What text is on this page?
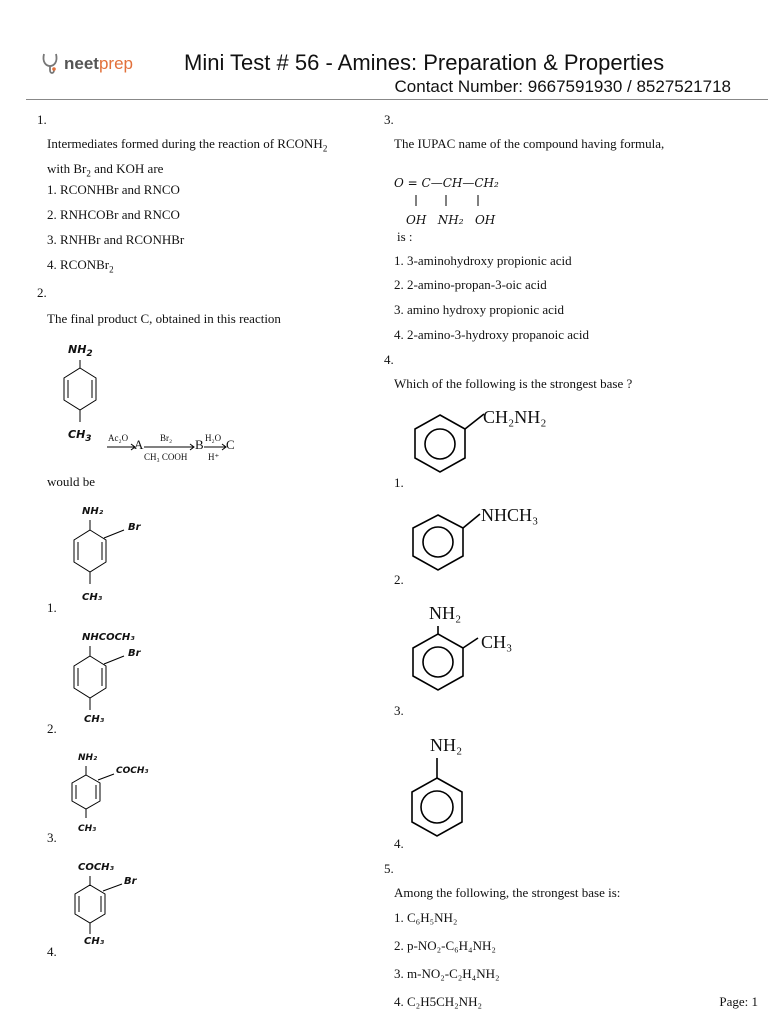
neetprep Mini Test # 56 - Amines: Preparation & Properties
Contact Number: 9667591930 / 8527521718
1.
Intermediates formed during the reaction of $RCONH_2$
with $Br_2$ and KOH are
1. RCONHBr and RNCO
2. RNHCOBr and RNCO
3. RNHBr and RCONHBr
4. RCONBr$_2$
2.
The final product C, obtained in this reaction
$NH_2$
$CH_3$ Ac₂O A Br₂
CH₃ COOH
B H₂O
H⁺
C
would be
NH₂
Br
CH₃
1.
NHCOCH₃
Br
CH₃
2.
NH₂
COCH₃
CH₃
3.
COCH₃
Br
CH₃
4.
3.
The IUPAC name of the compound having formula,
O = C—CH—CH₂
OH   NH₂   OH
is :
1. 3-aminohydroxy propionic acid
2. 2-amino-propan-3-oic acid
3. amino hydroxy propionic acid
4. 2-amino-3-hydroxy propanoic acid
4.
Which of the following is the strongest base ?
CH₂NH₂
1.
NHCH₃
2.
NH₂
CH₃
3.
NH₂
4.
5.
Among the following, the strongest base is:
1. C₆H₅NH₂
2. p-NO₂-C₆H₄NH₂
3. m-NO₂-C₂H₄NH₂
4. C₂H5CH₂NH₂	Page: 1
